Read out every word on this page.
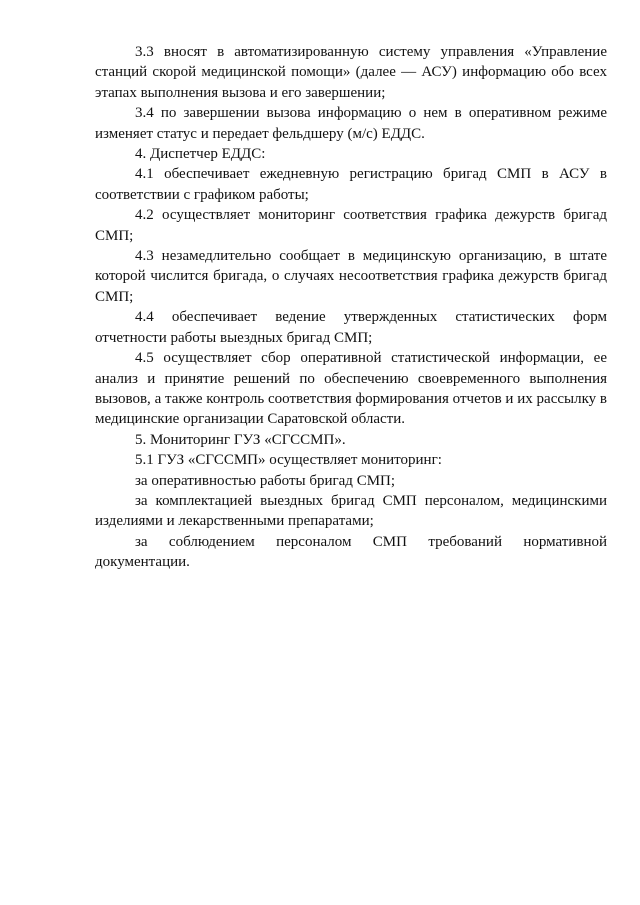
3.3 вносят в автоматизированную систему управления «Управление станций скорой медицинской помощи» (далее — АСУ) информацию обо всех этапах выполнения вызова и его завершении;

3.4 по завершении вызова информацию о нем в оперативном режиме изменяет статус и передает фельдшеру (м/с) ЕДДС.

4. Диспетчер ЕДДС:

4.1 обеспечивает ежедневную регистрацию бригад СМП в АСУ в соответствии с графиком работы;

4.2 осуществляет мониторинг соответствия графика дежурств бригад СМП;

4.3 незамедлительно сообщает в медицинскую организацию, в штате которой числится бригада, о случаях несоответствия графика дежурств бригад СМП;

4.4 обеспечивает ведение утвержденных статистических форм отчетности работы выездных бригад СМП;

4.5 осуществляет сбор оперативной статистической информации, ее анализ и принятие решений по обеспечению своевременного выполнения вызовов, а также контроль соответствия формирования отчетов и их рассылку в медицинские организации Саратовской области.

5. Мониторинг ГУЗ «СГССМП».

5.1 ГУЗ «СГССМП» осуществляет мониторинг:

за оперативностью работы бригад СМП;

за комплектацией выездных бригад СМП персоналом, медицинскими изделиями и лекарственными препаратами;

за соблюдением персоналом СМП требований нормативной документации.
